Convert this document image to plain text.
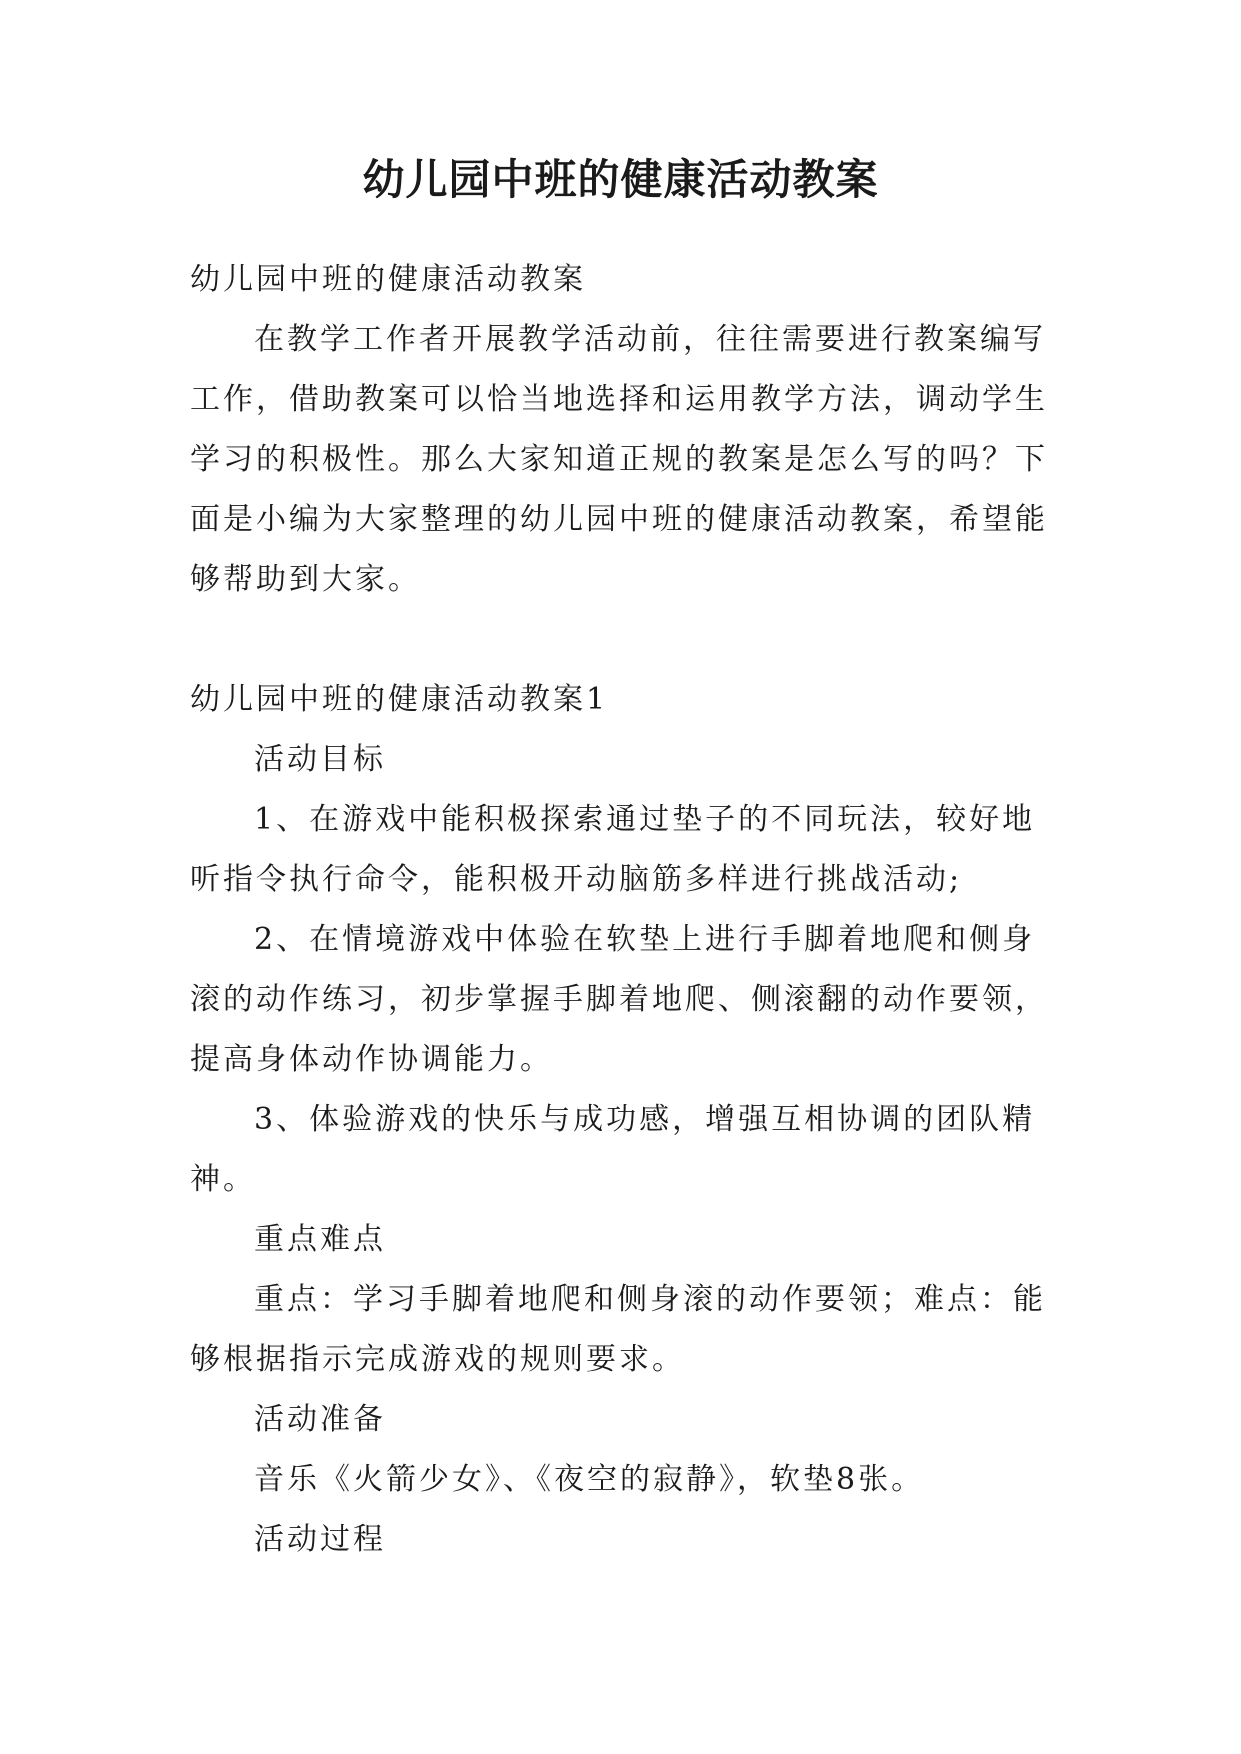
幼儿园中班的健康活动教案

幼儿园中班的健康活动教案

在教学工作者开展教学活动前，往往需要进行教案编写工作，借助教案可以恰当地选择和运用教学方法，调动学生学习的积极性。那么大家知道正规的教案是怎么写的吗？下面是小编为大家整理的幼儿园中班的健康活动教案，希望能够帮助到大家。

幼儿园中班的健康活动教案1

活动目标

1、在游戏中能积极探索通过垫子的不同玩法，较好地听指令执行命令，能积极开动脑筋多样进行挑战活动;

2、在情境游戏中体验在软垫上进行手脚着地爬和侧身滚的动作练习，初步掌握手脚着地爬、侧滚翻的动作要领，提高身体动作协调能力。

3、体验游戏的快乐与成功感，增强互相协调的团队精神。

重点难点

重点：学习手脚着地爬和侧身滚的动作要领；难点：能够根据指示完成游戏的规则要求。

活动准备

音乐《火箭少女》、《夜空的寂静》，软垫8张。

活动过程
